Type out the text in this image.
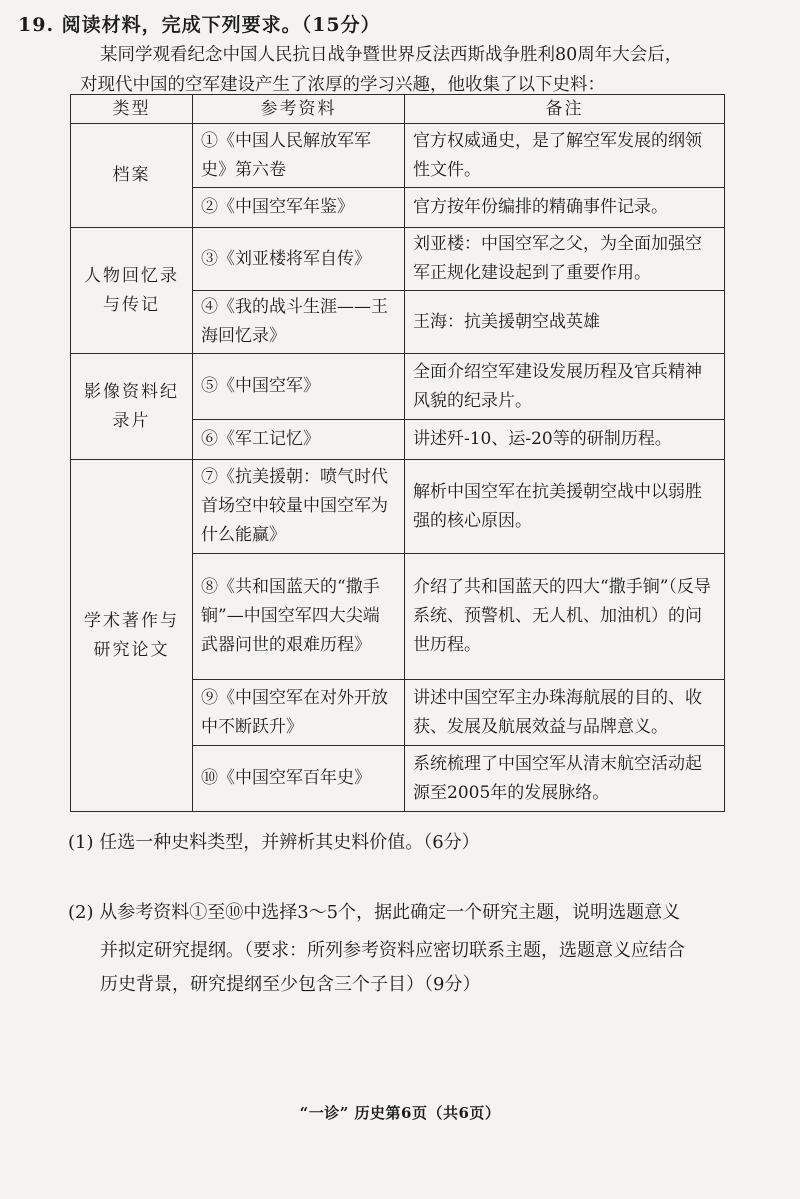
19. 阅读材料，完成下列要求。（15分）
某同学观看纪念中国人民抗日战争暨世界反法西斯战争胜利80周年大会后，
对现代中国的空军建设产生了浓厚的学习兴趣，他收集了以下史料：
类型	参考资料	备注
档案	①《中国人民解放军军史》第六卷	官方权威通史，是了解空军发展的纲领性文件。
	②《中国空军年鉴》	官方按年份编排的精确事件记录。
人物回忆录与传记	③《刘亚楼将军自传》	刘亚楼：中国空军之父，为全面加强空军正规化建设起到了重要作用。
	④《我的战斗生涯——王海回忆录》	王海：抗美援朝空战英雄
影像资料纪录片	⑤《中国空军》	全面介绍空军建设发展历程及官兵精神风貌的纪录片。
	⑥《军工记忆》	讲述歼-10、运-20等的研制历程。
学术著作与研究论文	⑦《抗美援朝：喷气时代首场空中较量中国空军为什么能赢》	解析中国空军在抗美援朝空战中以弱胜强的核心原因。
	⑧《共和国蓝天的“撒手锏”—中国空军四大尖端武器问世的艰难历程》	介绍了共和国蓝天的四大“撒手锏”（反导系统、预警机、无人机、加油机）的问世历程。
	⑨《中国空军在对外开放中不断跃升》	讲述中国空军主办珠海航展的目的、收获、发展及航展效益与品牌意义。
	⑩《中国空军百年史》	系统梳理了中国空军从清末航空活动起源至2005年的发展脉络。
(1) 任选一种史料类型，并辨析其史料价值。（6分）
(2) 从参考资料①至⑩中选择3～5个，据此确定一个研究主题，说明选题意义
并拟定研究提纲。（要求：所列参考资料应密切联系主题，选题意义应结合
历史背景，研究提纲至少包含三个子目）（9分）
“一诊” 历史第6页（共6页）
